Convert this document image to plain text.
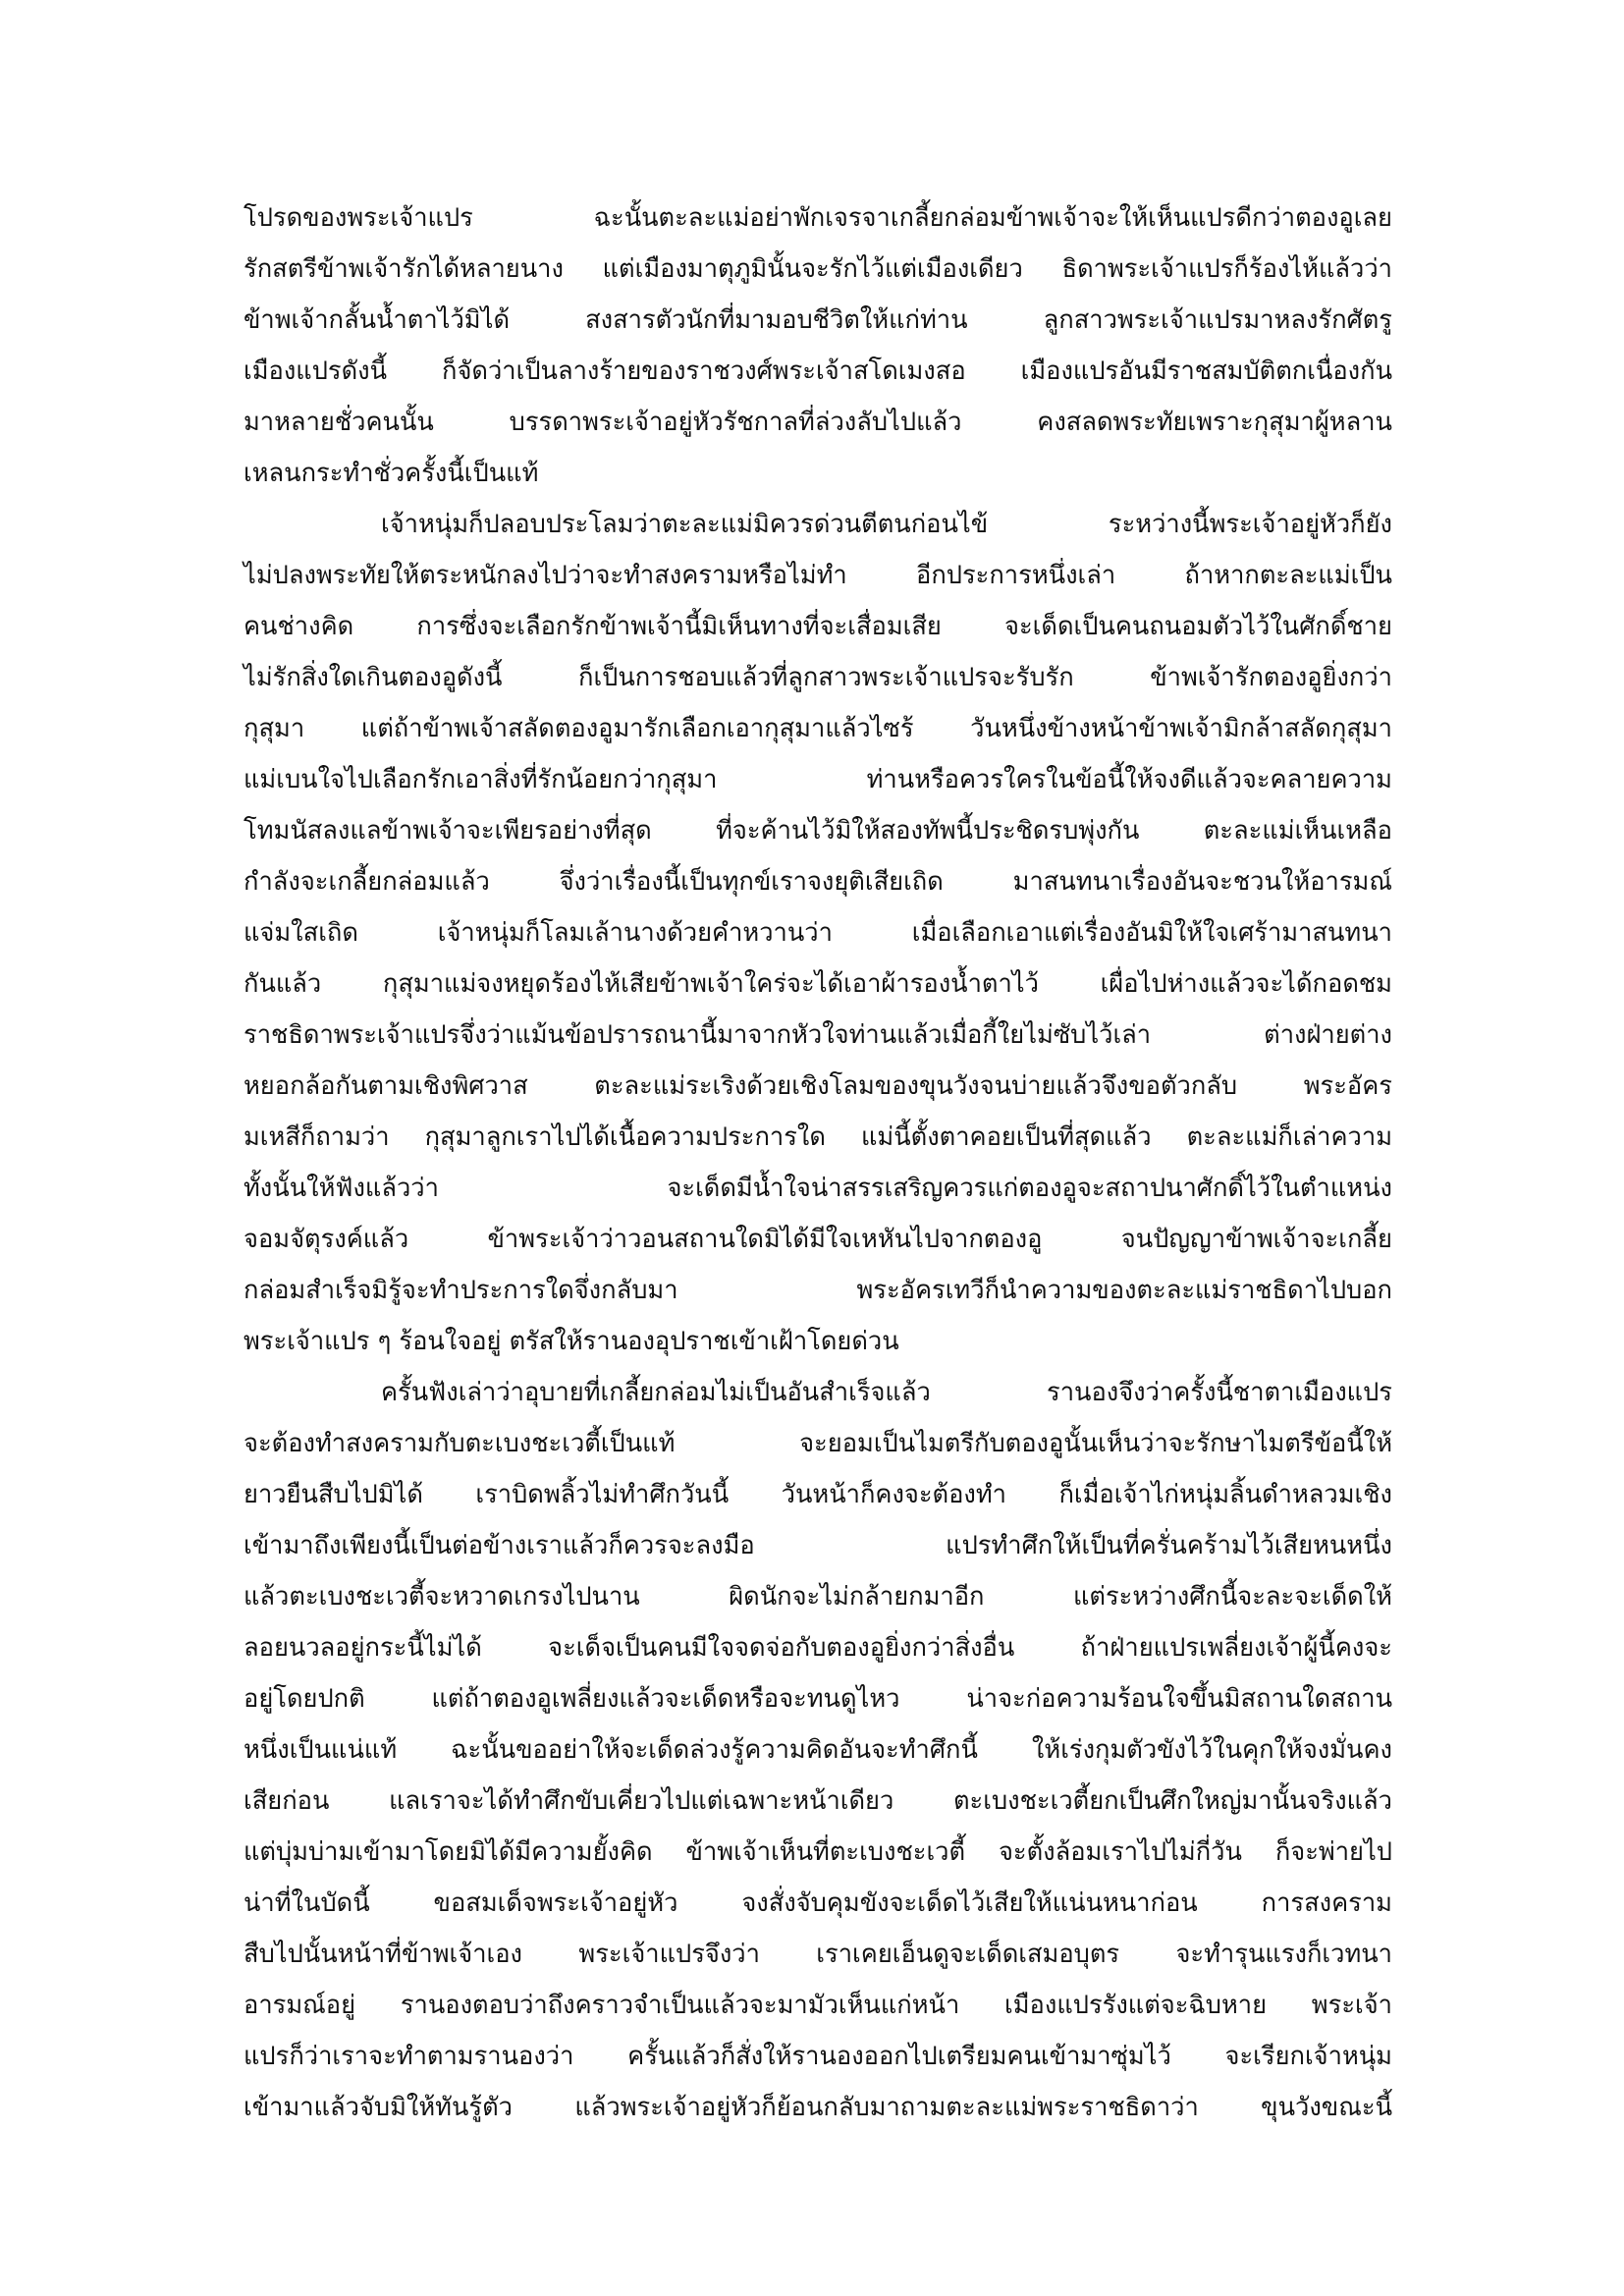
โปรดของพระเจ้าแปร ฉะนั้นตะละแม่อย่าพักเจรจาเกลี้ยกล่อมข้าพเจ้าจะให้เห็นแปรดีกว่าตองอูเลย
รักสตรีข้าพเจ้ารักได้หลายนาง แต่เมืองมาตุภูมินั้นจะรักไว้แต่เมืองเดียว ธิดาพระเจ้าแปรก็ร้องไห้แล้วว่า
ข้าพเจ้ากลั้นน้ำตาไว้มิได้ สงสารตัวนักที่มามอบชีวิตให้แก่ท่าน ลูกสาวพระเจ้าแปรมาหลงรักศัตรู
เมืองแปรดังนี้ ก็จัดว่าเป็นลางร้ายของราชวงศ์พระเจ้าสโดเมงสอ เมืองแปรอันมีราชสมบัติตกเนื่องกัน
มาหลายชั่วคนนั้น บรรดาพระเจ้าอยู่หัวรัชกาลที่ล่วงลับไปแล้ว คงสลดพระทัยเพราะกุสุมาผู้หลาน
เหลนกระทำชั่วครั้งนี้เป็นแท้
เจ้าหนุ่มก็ปลอบประโลมว่าตะละแม่มิควรด่วนตีตนก่อนไข้ ระหว่างนี้พระเจ้าอยู่หัวก็ยัง
ไม่ปลงพระทัยให้ตระหนักลงไปว่าจะทำสงครามหรือไม่ทำ อีกประการหนึ่งเล่า ถ้าหากตะละแม่เป็น
คนช่างคิด การซึ่งจะเลือกรักข้าพเจ้านี้มิเห็นทางที่จะเสื่อมเสีย จะเด็ดเป็นคนถนอมตัวไว้ในศักดิ์ชาย
ไม่รักสิ่งใดเกินตองอูดังนี้ ก็เป็นการชอบแล้วที่ลูกสาวพระเจ้าแปรจะรับรัก ข้าพเจ้ารักตองอูยิ่งกว่า
กุสุมา แต่ถ้าข้าพเจ้าสลัดตองอูมารักเลือกเอากุสุมาแล้วไซร้ วันหนึ่งข้างหน้าข้าพเจ้ามิกล้าสลัดกุสุมา
แม่เบนใจไปเลือกรักเอาสิ่งที่รักน้อยกว่ากุสุมา ท่านหรือควรใครในข้อนี้ให้จงดีแล้วจะคลายความ
โทมนัสลงแลข้าพเจ้าจะเพียรอย่างที่สุด ที่จะค้านไว้มิให้สองทัพนี้ประชิดรบพุ่งกัน ตะละแม่เห็นเหลือ
กำลังจะเกลี้ยกล่อมแล้ว จึ่งว่าเรื่องนี้เป็นทุกข์เราจงยุติเสียเถิด มาสนทนาเรื่องอันจะชวนให้อารมณ์
แจ่มใสเถิด เจ้าหนุ่มก็โลมเล้านางด้วยคำหวานว่า เมื่อเลือกเอาแต่เรื่องอันมิให้ใจเศร้ามาสนทนา
กันแล้ว กุสุมาแม่จงหยุดร้องไห้เสียข้าพเจ้าใคร่จะได้เอาผ้ารองน้ำตาไว้ เผื่อไปห่างแล้วจะได้กอดชม
ราชธิดาพระเจ้าแปรจึ่งว่าแม้นข้อปรารถนานี้มาจากหัวใจท่านแล้วเมื่อกี้ใยไม่ซับไว้เล่า ต่างฝ่ายต่าง
หยอกล้อกันตามเชิงพิศวาส ตะละแม่ระเริงด้วยเชิงโลมของขุนวังจนบ่ายแล้วจึงขอตัวกลับ พระอัคร
มเหสีก็ถามว่า กุสุมาลูกเราไปได้เนื้อความประการใด แม่นี้ตั้งตาคอยเป็นที่สุดแล้ว ตะละแม่ก็เล่าความ
ทั้งนั้นให้ฟังแล้วว่า จะเด็ดมีน้ำใจน่าสรรเสริญควรแก่ตองอูจะสถาปนาศักดิ์ไว้ในตำแหน่ง
จอมจัตุรงค์แล้ว ข้าพระเจ้าว่าวอนสถานใดมิได้มีใจเหหันไปจากตองอู จนปัญญาข้าพเจ้าจะเกลี้ย
กล่อมสำเร็จมิรู้จะทำประการใดจึ่งกลับมา พระอัครเทวีก็นำความของตะละแม่ราชธิดาไปบอก
พระเจ้าแปร ๆ ร้อนใจอยู่ ตรัสให้รานองอุปราชเข้าเฝ้าโดยด่วน
ครั้นฟังเล่าว่าอุบายที่เกลี้ยกล่อมไม่เป็นอันสำเร็จแล้ว รานองจึงว่าครั้งนี้ชาตาเมืองแปร
จะต้องทำสงครามกับตะเบงชะเวตี้เป็นแท้ จะยอมเป็นไมตรีกับตองอูนั้นเห็นว่าจะรักษาไมตรีข้อนี้ให้
ยาวยืนสืบไปมิได้ เราบิดพลิ้วไม่ทำศึกวันนี้ วันหน้าก็คงจะต้องทำ ก็เมื่อเจ้าไก่หนุ่มลิ้นดำหลวมเชิง
เข้ามาถึงเพียงนี้เป็นต่อข้างเราแล้วก็ควรจะลงมือ แปรทำศึกให้เป็นที่ครั่นคร้ามไว้เสียหนหนึ่ง
แล้วตะเบงชะเวตี้จะหวาดเกรงไปนาน ผิดนักจะไม่กล้ายกมาอีก แต่ระหว่างศึกนี้จะละจะเด็ดให้
ลอยนวลอยู่กระนี้ไม่ได้ จะเด็จเป็นคนมีใจจดจ่อกับตองอูยิ่งกว่าสิ่งอื่น ถ้าฝ่ายแปรเพลี่ยงเจ้าผู้นี้คงจะ
อยู่โดยปกติ แต่ถ้าตองอูเพลี่ยงแล้วจะเด็ดหรือจะทนดูไหว น่าจะก่อความร้อนใจขึ้นมิสถานใดสถาน
หนึ่งเป็นแน่แท้ ฉะนั้นขออย่าให้จะเด็ดล่วงรู้ความคิดอันจะทำศึกนี้ ให้เร่งกุมตัวขังไว้ในคุกให้จงมั่นคง
เสียก่อน แลเราจะได้ทำศึกขับเคี่ยวไปแต่เฉพาะหน้าเดียว ตะเบงชะเวตี้ยกเป็นศึกใหญ่มานั้นจริงแล้ว
แต่บุ่มบ่ามเข้ามาโดยมิได้มีความยั้งคิด ข้าพเจ้าเห็นที่ตะเบงชะเวตี้ จะตั้งล้อมเราไปไม่กี่วัน ก็จะพ่ายไป
น่าที่ในบัดนี้ ขอสมเด็จพระเจ้าอยู่หัว จงสั่งจับคุมขังจะเด็ดไว้เสียให้แน่นหนาก่อน การสงคราม
สืบไปนั้นหน้าที่ข้าพเจ้าเอง พระเจ้าแปรจึงว่า เราเคยเอ็นดูจะเด็ดเสมอบุตร จะทำรุนแรงก็เวทนา
อารมณ์อยู่ รานองตอบว่าถึงคราวจำเป็นแล้วจะมามัวเห็นแก่หน้า เมืองแปรรังแต่จะฉิบหาย พระเจ้า
แปรก็ว่าเราจะทำตามรานองว่า ครั้นแล้วก็สั่งให้รานองออกไปเตรียมคนเข้ามาซุ่มไว้ จะเรียกเจ้าหนุ่ม
เข้ามาแล้วจับมิให้ทันรู้ตัว แล้วพระเจ้าอยู่หัวก็ย้อนกลับมาถามตะละแม่พระราชธิดาว่า ขุนวังขณะนี้
